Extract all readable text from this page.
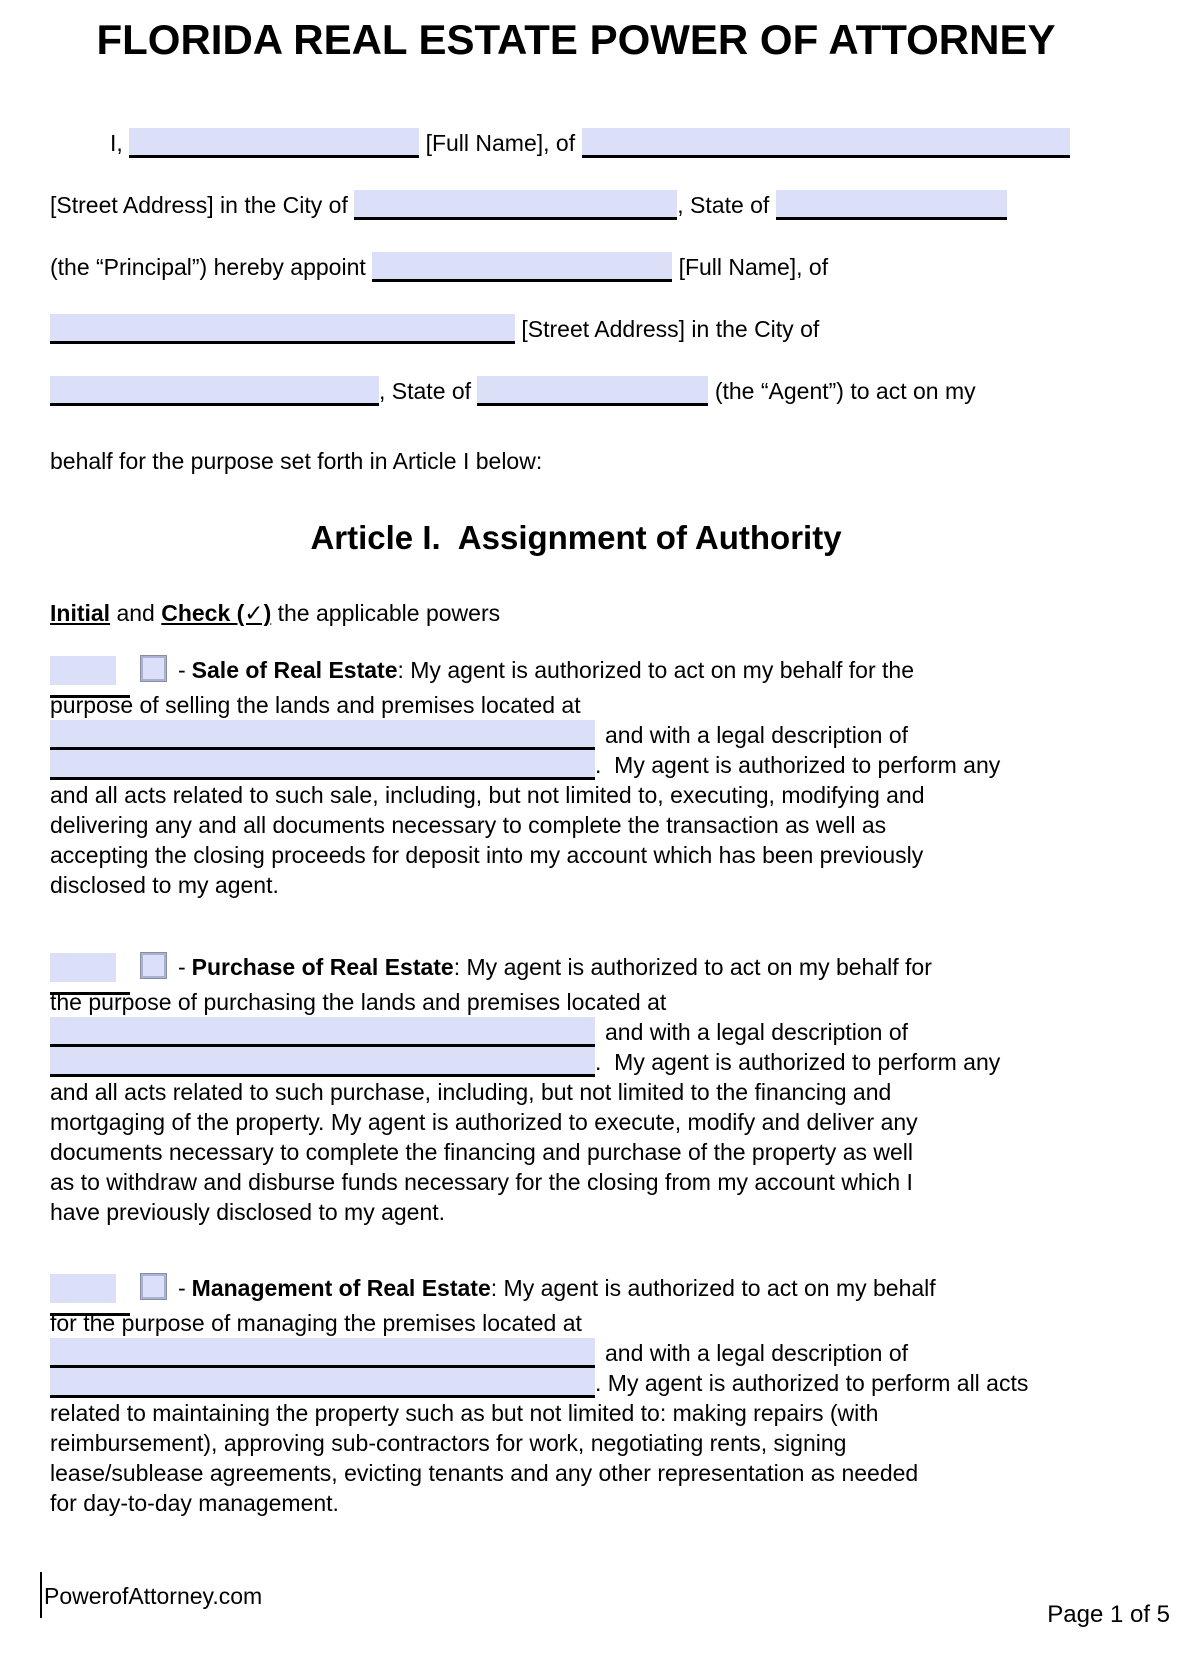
FLORIDA REAL ESTATE POWER OF ATTORNEY
I,	[Full Name], of
[Street Address] in the City of	, State of
(the “Principal”) hereby appoint	[Full Name], of
[Street Address] in the City of
, State of	(the “Agent”) to act on my
behalf for the purpose set forth in Article I below:
Article I.  Assignment of Authority
Initial and Check (✓) the applicable powers
- Sale of Real Estate: My agent is authorized to act on my behalf for the
purpose of selling the lands and premises located at
and with a legal description of
.  My agent is authorized to perform any
and all acts related to such sale, including, but not limited to, executing, modifying and
delivering any and all documents necessary to complete the transaction as well as
accepting the closing proceeds for deposit into my account which has been previously
disclosed to my agent.
- Purchase of Real Estate: My agent is authorized to act on my behalf for
the purpose of purchasing the lands and premises located at
and with a legal description of
.  My agent is authorized to perform any
and all acts related to such purchase, including, but not limited to the financing and
mortgaging of the property. My agent is authorized to execute, modify and deliver any
documents necessary to complete the financing and purchase of the property as well
as to withdraw and disburse funds necessary for the closing from my account which I
have previously disclosed to my agent.
- Management of Real Estate: My agent is authorized to act on my behalf
for the purpose of managing the premises located at
and with a legal description of
. My agent is authorized to perform all acts
related to maintaining the property such as but not limited to: making repairs (with
reimbursement), approving sub-contractors for work, negotiating rents, signing
lease/sublease agreements, evicting tenants and any other representation as needed
for day-to-day management.
PowerofAttorney.com
Page 1 of 5
